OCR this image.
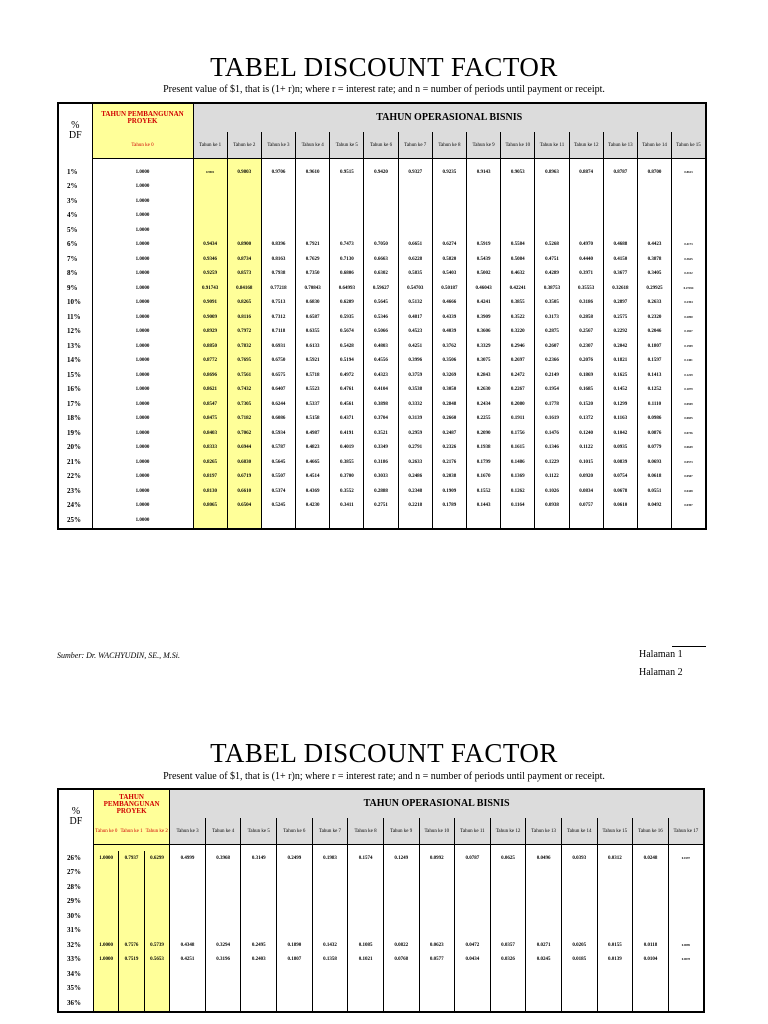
TABEL DISCOUNT FACTOR
Present value of $1, that is (1+ r)n; where r = interest rate; and n = number of periods until payment or receipt.
%
DF	TAHUN PEMBANGUNAN PROYEK	TAHUN OPERASIONAL BISNIS														
	Tahun ke 0	Tahun ke 1	Tahun ke 2	Tahun ke 3	Tahun ke 4	Tahun ke 5	Tahun ke 6	Tahun ke 7	Tahun ke 8	Tahun ke 9	Tahun ke 10	Tahun ke 11	Tahun ke 12	Tahun ke 13	Tahun ke 14	Tahun ke 15

1%	1.0000	0.9901	0.9803	0.9706	0.9610	0.9515	0.9420	0.9327	0.9235	0.9143	0.9053	0.8963	0.8874	0.8787	0.8700	0.8613
2%	1.0000															
3%	1.0000															
4%	1.0000															
5%	1.0000															
6%	1.0000	0.9434	0.8900	0.8396	0.7921	0.7473	0.7050	0.6651	0.6274	0.5919	0.5584	0.5268	0.4970	0.4688	0.4423	0.4173
7%	1.0000	0.9346	0.8734	0.8163	0.7629	0.7130	0.6663	0.6228	0.5820	0.5439	0.5084	0.4751	0.4440	0.4150	0.3878	0.3625
8%	1.0000	0.9259	0.8573	0.7938	0.7350	0.6806	0.6302	0.5835	0.5403	0.5002	0.4632	0.4289	0.3971	0.3677	0.3405	0.3152
9%	1.0000	0.91743	0.84168	0.77218	0.70843	0.64993	0.59627	0.54703	0.50187	0.46043	0.42241	0.38753	0.35553	0.32618	0.29925	0.27454
10%	1.0000	0.9091	0.8265	0.7513	0.6830	0.6209	0.5645	0.5132	0.4666	0.4241	0.3855	0.3505	0.3186	0.2897	0.2633	0.2394
11%	1.0000	0.9009	0.8116	0.7312	0.6587	0.5935	0.5346	0.4817	0.4339	0.3909	0.3522	0.3173	0.2858	0.2575	0.2320	0.2090
12%	1.0000	0.8929	0.7972	0.7118	0.6355	0.5674	0.5066	0.4523	0.4039	0.3606	0.3220	0.2875	0.2567	0.2292	0.2046	0.1827
13%	1.0000	0.8850	0.7832	0.6931	0.6133	0.5428	0.4803	0.4251	0.3762	0.3329	0.2946	0.2607	0.2307	0.2042	0.1807	0.1599
14%	1.0000	0.8772	0.7695	0.6750	0.5921	0.5194	0.4556	0.3996	0.3506	0.3075	0.2697	0.2366	0.2076	0.1821	0.1597	0.1401
15%	1.0000	0.8696	0.7561	0.6575	0.5718	0.4972	0.4323	0.3759	0.3269	0.2843	0.2472	0.2149	0.1869	0.1625	0.1413	0.1229
16%	1.0000	0.8621	0.7432	0.6407	0.5523	0.4761	0.4104	0.3538	0.3050	0.2630	0.2267	0.1954	0.1685	0.1452	0.1252	0.1079
17%	1.0000	0.8547	0.7305	0.6244	0.5337	0.4561	0.3898	0.3332	0.2848	0.2434	0.2080	0.1778	0.1520	0.1299	0.1110	0.0949
18%	1.0000	0.8475	0.7182	0.6086	0.5158	0.4371	0.3704	0.3139	0.2660	0.2255	0.1911	0.1619	0.1372	0.1163	0.0986	0.0835
19%	1.0000	0.8403	0.7062	0.5934	0.4987	0.4191	0.3521	0.2959	0.2487	0.2090	0.1756	0.1476	0.1240	0.1042	0.0876	0.0736
20%	1.0000	0.8333	0.6944	0.5787	0.4823	0.4019	0.3349	0.2791	0.2326	0.1938	0.1615	0.1346	0.1122	0.0935	0.0779	0.0649
21%	1.0000	0.8265	0.6830	0.5645	0.4665	0.3855	0.3186	0.2633	0.2176	0.1799	0.1486	0.1229	0.1015	0.0839	0.0693	0.0573
22%	1.0000	0.8197	0.6719	0.5507	0.4514	0.3700	0.3033	0.2486	0.2038	0.1670	0.1369	0.1122	0.0920	0.0754	0.0618	0.0507
23%	1.0000	0.8130	0.6610	0.5374	0.4369	0.3552	0.2888	0.2348	0.1909	0.1552	0.1262	0.1026	0.0834	0.0678	0.0551	0.0448
24%	1.0000	0.8065	0.6504	0.5245	0.4230	0.3411	0.2751	0.2218	0.1789	0.1443	0.1164	0.0938	0.0757	0.0610	0.0492	0.0397
25%	1.0000															
Sumber: Dr. WACHYUDIN, SE., M.Si.	Halaman 1
Halaman 2
TABEL DISCOUNT FACTOR
Present value of $1, that is (1+ r)n; where r = interest rate; and n = number of periods until payment or receipt.
%
DF	TAHUN PEMBANGUNAN PROYEK			TAHUN OPERASIONAL BISNIS														
	Tahun ke 0	Tahun ke 1	Tahun ke 2	Tahun ke 3	Tahun ke 4	Tahun ke 5	Tahun ke 6	Tahun ke 7	Tahun ke 8	Tahun ke 9	Tahun ke 10	Tahun ke 11	Tahun ke 12	Tahun ke 13	Tahun ke 14	Tahun ke 15	Tahun ke 16	Tahun ke 17

26%	1.0000	0.7937	0.6299	0.4999	0.3968	0.3149	0.2499	0.1983	0.1574	0.1249	0.0992	0.0787	0.0625	0.0496	0.0393	0.0312	0.0248	0.0197
27%																		
28%																		
29%																		
30%																		
31%																		
32%	1.0000	0.7576	0.5739	0.4348	0.3294	0.2495	0.1890	0.1432	0.1085	0.0822	0.0623	0.0472	0.0357	0.0271	0.0205	0.0155	0.0118	0.0089
33%	1.0000	0.7519	0.5653	0.4251	0.3196	0.2403	0.1807	0.1358	0.1021	0.0768	0.0577	0.0434	0.0326	0.0245	0.0185	0.0139	0.0104	0.0078
34%																		
35%																		
36%																		
